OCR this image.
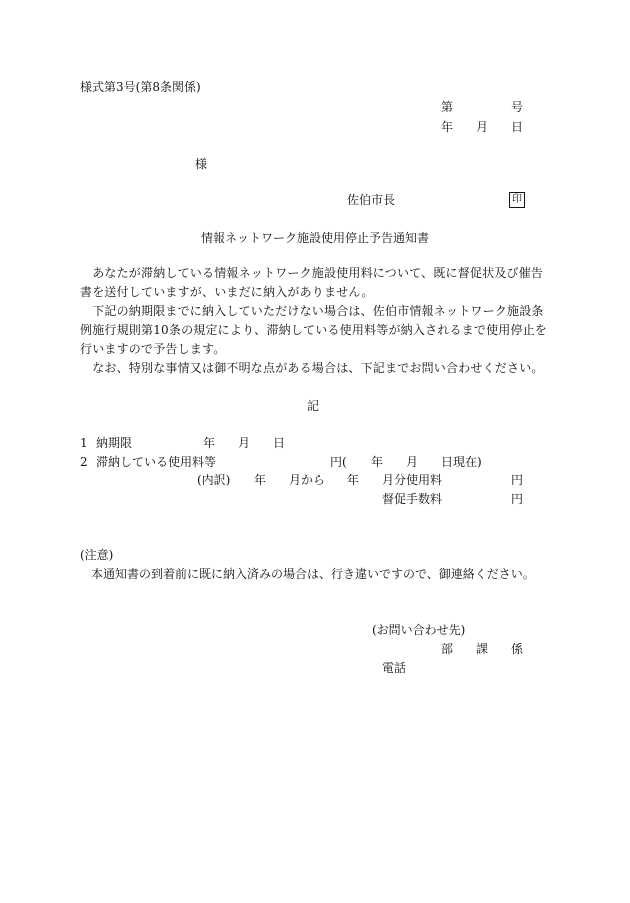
様式第3号(第8条関係)
第	号
年 月 日
様
佐伯市長	印
情報ネットワーク施設使用停止予告通知書
　あなたが滞納している情報ネットワーク施設使用料について、既に督促状及び催告書を送付していますが、いまだに納入がありません。
　下記の納期限までに納入していただけない場合は、佐伯市情報ネットワーク施設条例施行規則第10条の規定により、滞納している使用料等が納入されるまで使用停止を行いますので予告します。
　なお、特別な事情又は御不明な点がある場合は、下記までお問い合わせください。
記
1 納期限	年 月 日
2 滞納している使用料等	円( 年 月 日現在)
(内訳) 年 月から 年 月分使用料	円
督促手数料	円
(注意)
本通知書の到着前に既に納入済みの場合は、行き違いですので、御連絡ください。
(お問い合わせ先)
部 課 係
電話
